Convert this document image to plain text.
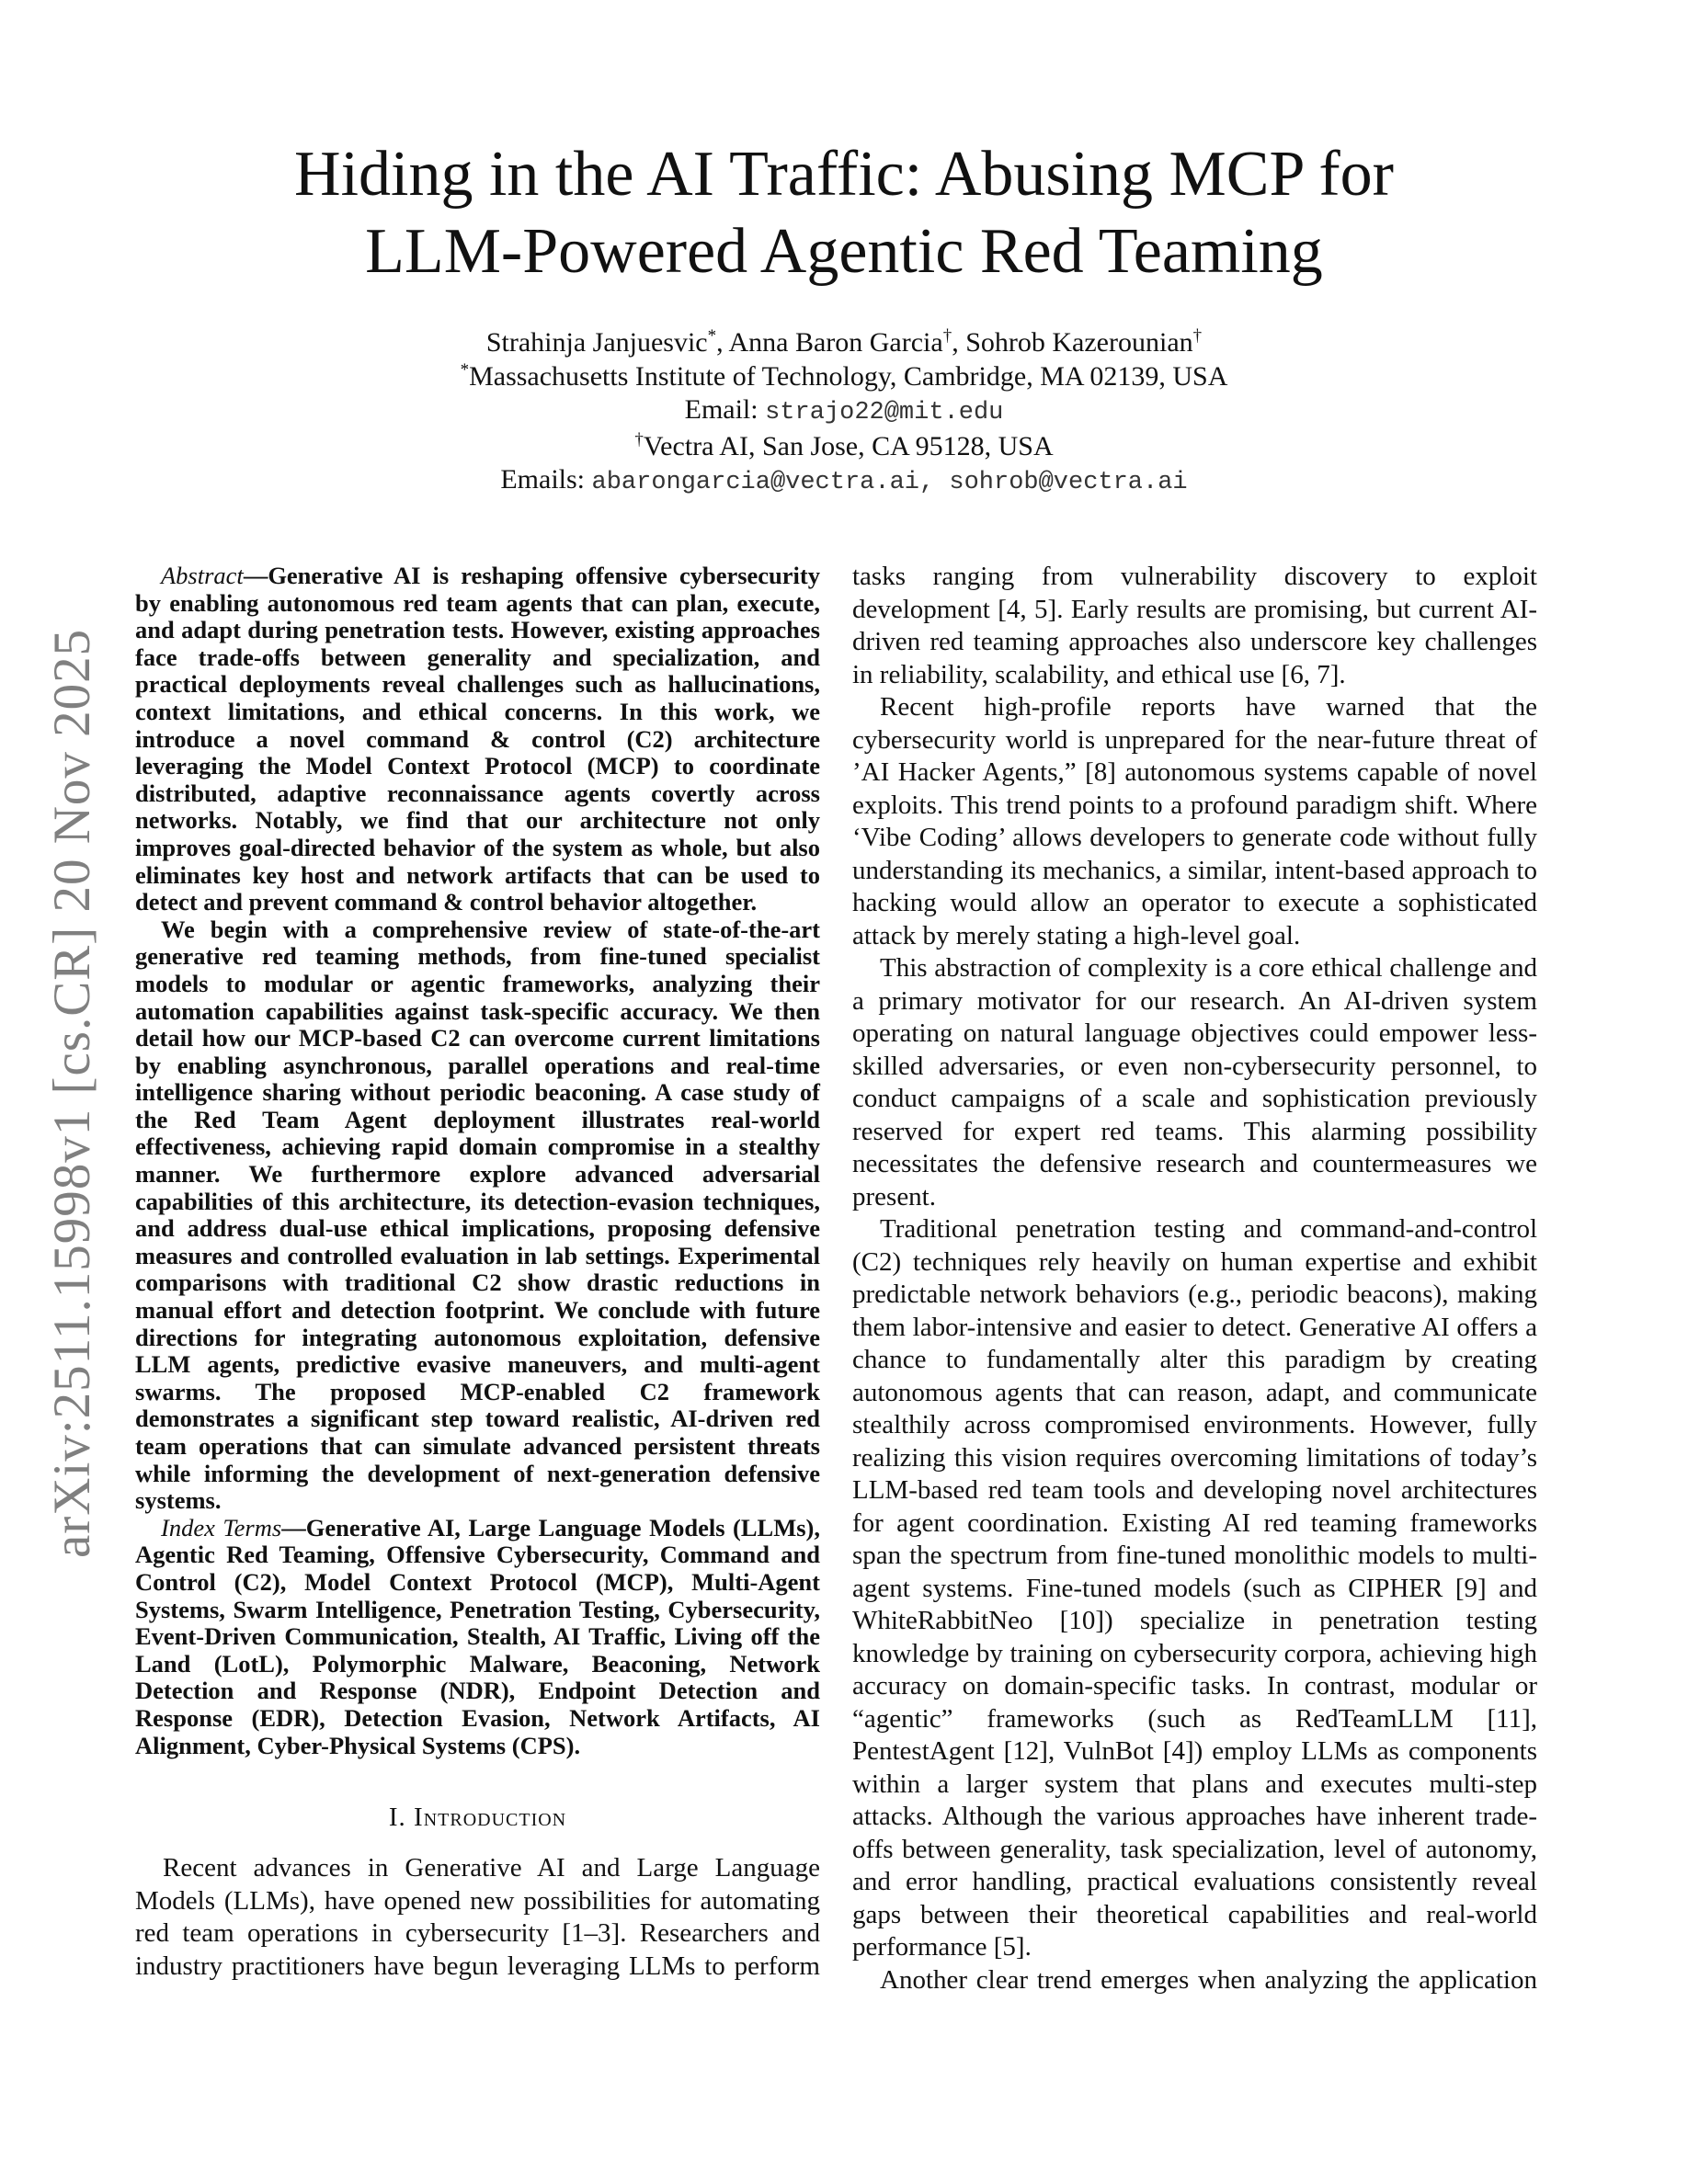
arXiv:2511.15998v1 [cs.CR] 20 Nov 2025
Hiding in the AI Traffic: Abusing MCP for
LLM-Powered Agentic Red Teaming
Strahinja Janjuesvic*, Anna Baron Garcia†, Sohrob Kazerounian†
*Massachusetts Institute of Technology, Cambridge, MA 02139, USA
Email: strajo22@mit.edu
†Vectra AI, San Jose, CA 95128, USA
Emails: abarongarcia@vectra.ai, sohrob@vectra.ai

Abstract—Generative AI is reshaping offensive cybersecurity by enabling autonomous red team agents that can plan, execute, and adapt during penetration tests. However, existing approaches face trade-offs between generality and specialization, and practical deployments reveal challenges such as hallucinations, context limitations, and ethical concerns. In this work, we introduce a novel command & control (C2) architecture leveraging the Model Context Protocol (MCP) to coordinate distributed, adaptive reconnaissance agents covertly across networks. Notably, we find that our architecture not only improves goal-directed behavior of the system as whole, but also eliminates key host and network artifacts that can be used to detect and prevent command & control behavior altogether.

We begin with a comprehensive review of state-of-the-art generative red teaming methods, from fine-tuned specialist models to modular or agentic frameworks, analyzing their automation capabilities against task-specific accuracy. We then detail how our MCP-based C2 can overcome current limitations by enabling asynchronous, parallel operations and real-time intelligence sharing without periodic beaconing. A case study of the Red Team Agent deployment illustrates real-world effectiveness, achieving rapid domain compromise in a stealthy manner. We furthermore explore advanced adversarial capabilities of this architecture, its detection-evasion techniques, and address dual-use ethical implications, proposing defensive measures and controlled evaluation in lab settings. Experimental comparisons with traditional C2 show drastic reductions in manual effort and detection footprint. We conclude with future directions for integrating autonomous exploitation, defensive LLM agents, predictive evasive maneuvers, and multi-agent swarms. The proposed MCP-enabled C2 framework demonstrates a significant step toward realistic, AI-driven red team operations that can simulate advanced persistent threats while informing the development of next-generation defensive systems.

Index Terms—Generative AI, Large Language Models (LLMs), Agentic Red Teaming, Offensive Cybersecurity, Command and Control (C2), Model Context Protocol (MCP), Multi-Agent Systems, Swarm Intelligence, Penetration Testing, Cybersecurity, Event-Driven Communication, Stealth, AI Traffic, Living off the Land (LotL), Polymorphic Malware, Beaconing, Network Detection and Response (NDR), Endpoint Detection and Response (EDR), Detection Evasion, Network Artifacts, AI Alignment, Cyber-Physical Systems (CPS).

I. Introduction

Recent advances in Generative AI and Large Language Models (LLMs), have opened new possibilities for automating red team operations in cybersecurity [1–3]. Researchers and industry practitioners have begun leveraging LLMs to perform

tasks ranging from vulnerability discovery to exploit development [4, 5]. Early results are promising, but current AI-driven red teaming approaches also underscore key challenges in reliability, scalability, and ethical use [6, 7].

Recent high-profile reports have warned that the cybersecurity world is unprepared for the near-future threat of ’AI Hacker Agents,” [8] autonomous systems capable of novel exploits. This trend points to a profound paradigm shift. Where ‘Vibe Coding’ allows developers to generate code without fully understanding its mechanics, a similar, intent-based approach to hacking would allow an operator to execute a sophisticated attack by merely stating a high-level goal.

This abstraction of complexity is a core ethical challenge and a primary motivator for our research. An AI-driven system operating on natural language objectives could empower less-skilled adversaries, or even non-cybersecurity personnel, to conduct campaigns of a scale and sophistication previously reserved for expert red teams. This alarming possibility necessitates the defensive research and countermeasures we present.

Traditional penetration testing and command-and-control (C2) techniques rely heavily on human expertise and exhibit predictable network behaviors (e.g., periodic beacons), making them labor-intensive and easier to detect. Generative AI offers a chance to fundamentally alter this paradigm by creating autonomous agents that can reason, adapt, and communicate stealthily across compromised environments. However, fully realizing this vision requires overcoming limitations of today’s LLM-based red team tools and developing novel architectures for agent coordination. Existing AI red teaming frameworks span the spectrum from fine-tuned monolithic models to multi-agent systems. Fine-tuned models (such as CIPHER [9] and WhiteRabbitNeo [10]) specialize in penetration testing knowledge by training on cybersecurity corpora, achieving high accuracy on domain-specific tasks. In contrast, modular or “agentic” frameworks (such as RedTeamLLM [11], PentestAgent [12], VulnBot [4]) employ LLMs as components within a larger system that plans and executes multi-step attacks. Although the various approaches have inherent trade-offs between generality, task specialization, level of autonomy, and error handling, practical evaluations consistently reveal gaps between their theoretical capabilities and real-world performance [5].

Another clear trend emerges when analyzing the application
